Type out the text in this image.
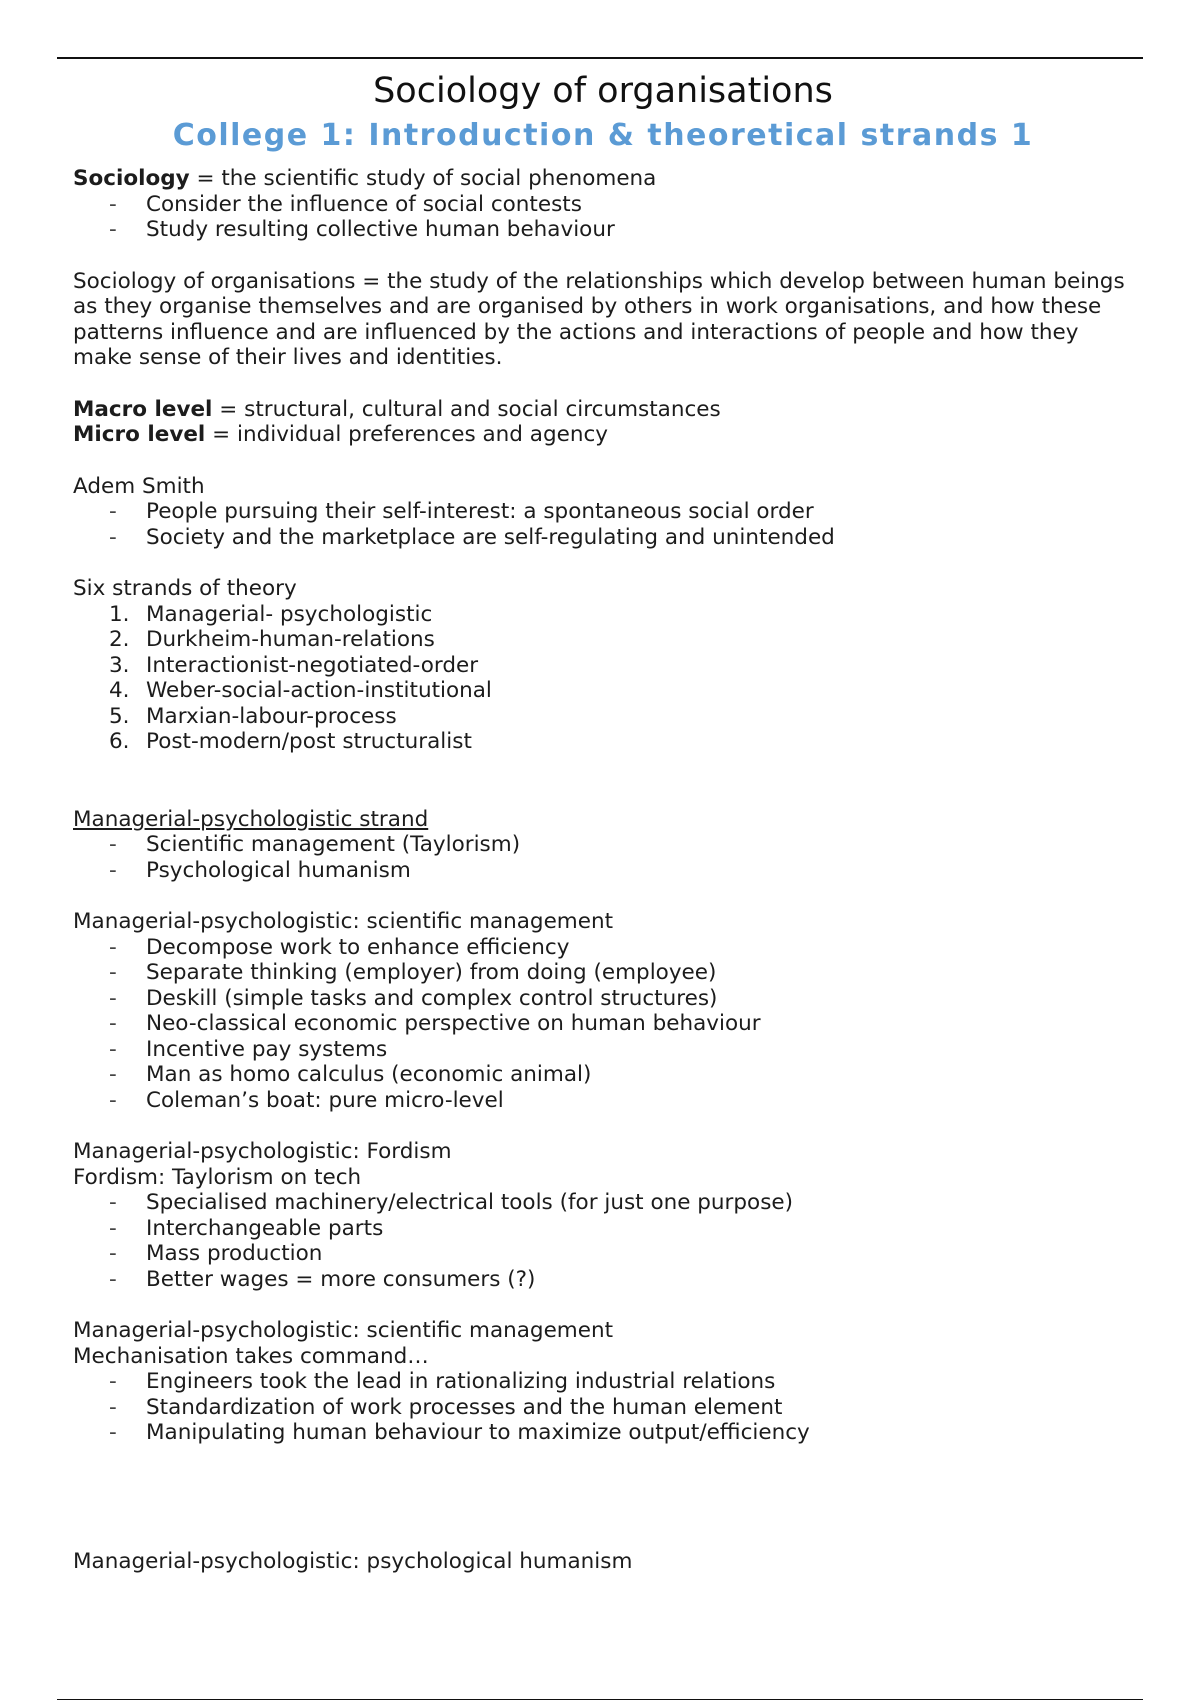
Sociology of organisations
College 1: Introduction & theoretical strands 1

Sociology = the scientific study of social phenomena

- Consider the influence of social contests
- Study resulting collective human behaviour

Sociology of organisations = the study of the relationships which develop between human beings as they organise themselves and are organised by others in work organisations, and how these patterns influence and are influenced by the actions and interactions of people and how they make sense of their lives and identities.

Macro level = structural, cultural and social circumstances

Micro level = individual preferences and agency

Adem Smith

- People pursuing their self-interest: a spontaneous social order
- Society and the marketplace are self-regulating and unintended

Six strands of theory

1. Managerial- psychologistic
2. Durkheim-human-relations
3. Interactionist-negotiated-order
4. Weber-social-action-institutional
5. Marxian-labour-process
6. Post-modern/post structuralist

Managerial-psychologistic strand

- Scientific management (Taylorism)
- Psychological humanism

Managerial-psychologistic: scientific management

- Decompose work to enhance efficiency
- Separate thinking (employer) from doing (employee)
- Deskill (simple tasks and complex control structures)
- Neo-classical economic perspective on human behaviour
- Incentive pay systems
- Man as homo calculus (economic animal)
- Coleman’s boat: pure micro-level

Managerial-psychologistic: Fordism

Fordism: Taylorism on tech

- Specialised machinery/electrical tools (for just one purpose)
- Interchangeable parts
- Mass production
- Better wages = more consumers (?)

Managerial-psychologistic: scientific management

Mechanisation takes command…

- Engineers took the lead in rationalizing industrial relations
- Standardization of work processes and the human element
- Manipulating human behaviour to maximize output/efficiency

Managerial-psychologistic: psychological humanism
